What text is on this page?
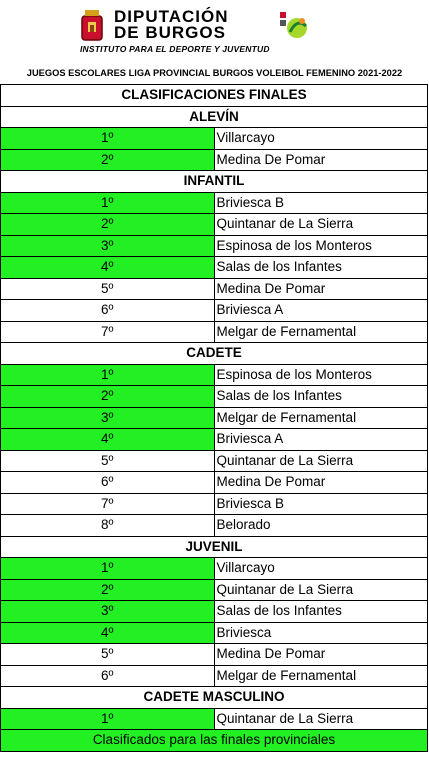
DIPUTACIÓN
DE BURGOS
INSTITUTO PARA EL DEPORTE Y JUVENTUD
JUEGOS ESCOLARES LIGA PROVINCIAL BURGOS VOLEIBOL FEMENINO 2021-2022
CLASIFICACIONES FINALES	
ALEVÍN	
1º	Villarcayo
2º	Medina De Pomar
INFANTIL	
1º	Briviesca B
2º	Quintanar de La Sierra
3º	Espinosa de los Monteros
4º	Salas de los Infantes
5º	Medina De Pomar
6º	Briviesca A
7º	Melgar de Fernamental
CADETE	
1º	Espinosa de los Monteros
2º	Salas de los Infantes
3º	Melgar de Fernamental
4º	Briviesca A
5º	Quintanar de La Sierra
6º	Medina De Pomar
7º	Briviesca B
8º	Belorado
JUVENIL	
1º	Villarcayo
2º	Quintanar de La Sierra
3º	Salas de los Infantes
4º	Briviesca
5º	Medina De Pomar
6º	Melgar de Fernamental
CADETE MASCULINO	
1º	Quintanar de La Sierra
Clasificados para las finales provinciales	
